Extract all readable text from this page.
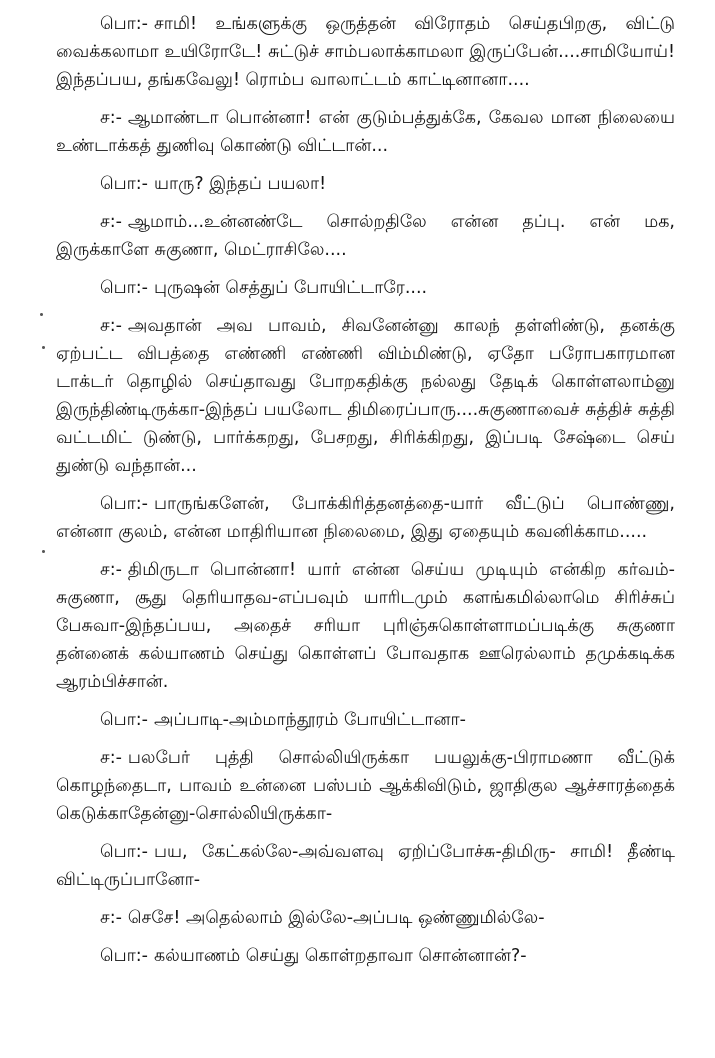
பொ:- சாமி! உங்களுக்கு ஒருத்தன் விரோதம் செய்தபிறகு, விட்டு வைக்கலாமா உயிரோடே! சுட்டுச் சாம்பலாக்காமலா இருப்பேன்....சாமியோய்! இந்தப்பய, தங்கவேலு! ரொம்ப வாலாட்டம் காட்டினானா....

ச:- ஆமாண்டா பொன்னா! என் குடும்பத்துக்கே, கேவல மான நிலையை உண்டாக்கத் துணிவு கொண்டு விட்டான்...

பொ:- யாரு? இந்தப் பயலா!

ச:- ஆமாம்...உன்னண்டே சொல்றதிலே என்ன தப்பு. என் மக, இருக்காளே சுகுணா, மெட்ராசிலே....

பொ:- புருஷன் செத்துப் போயிட்டாரே....

ச:- அவதான் அவ பாவம், சிவனேன்னு காலந் தள்ளிண்டு, தனக்கு ஏற்பட்ட விபத்தை எண்ணி எண்ணி விம்மிண்டு, ஏதோ பரோபகாரமான டாக்டர் தொழில் செய்தாவது போறகதிக்கு நல்லது தேடிக் கொள்ளலாம்னு இருந்திண்டிருக்கா-இந்தப் பயலோட திமிரைப்பாரு....சுகுணாவைச் சுத்திச் சுத்தி வட்டமிட் டுண்டு, பார்க்கறது, பேசறது, சிரிக்கிறது, இப்படி சேஷ்டை செய் துண்டு வந்தான்...

பொ:- பாருங்களேன், போக்கிரித்தனத்தை-யார் வீட்டுப் பொண்ணு, என்னா குலம், என்ன மாதிரியான நிலைமை, இது ஏதையும் கவனிக்காம.....

ச:- திமிருடா பொன்னா! யார் என்ன செய்ய முடியும் என்கிற கர்வம்-சுகுணா, சூது தெரியாதவ-எப்பவும் யாரிடமும் களங்கமில்லாமெ சிரிச்சுப் பேசுவா-இந்தப்பய, அதைச் சரியா புரிஞ்சுகொள்ளாமப்படிக்கு சுகுணா தன்னைக் கல்யாணம் செய்து கொள்ளப் போவதாக ஊரெல்லாம் தமுக்கடிக்க ஆரம்பிச்சான்.

பொ:- அப்பாடி-அம்மாந்தூரம் போயிட்டானா-

ச:- பலபேர் புத்தி சொல்லியிருக்கா பயலுக்கு-பிராமணா வீட்டுக் கொழந்தைடா, பாவம் உன்னை பஸ்பம் ஆக்கிவிடும், ஜாதிகுல ஆச்சாரத்தைக் கெடுக்காதேன்னு-சொல்லியிருக்கா-

பொ:- பய, கேட்கல்லே-அவ்வளவு ஏறிப்போச்சு-திமிரு- சாமி! தீண்டி விட்டிருப்பானோ-

ச:- செசே! அதெல்லாம் இல்லே-அப்படி ஒண்ணுமில்லே-

பொ:- கல்யாணம் செய்து கொள்றதாவா சொன்னான்?-
